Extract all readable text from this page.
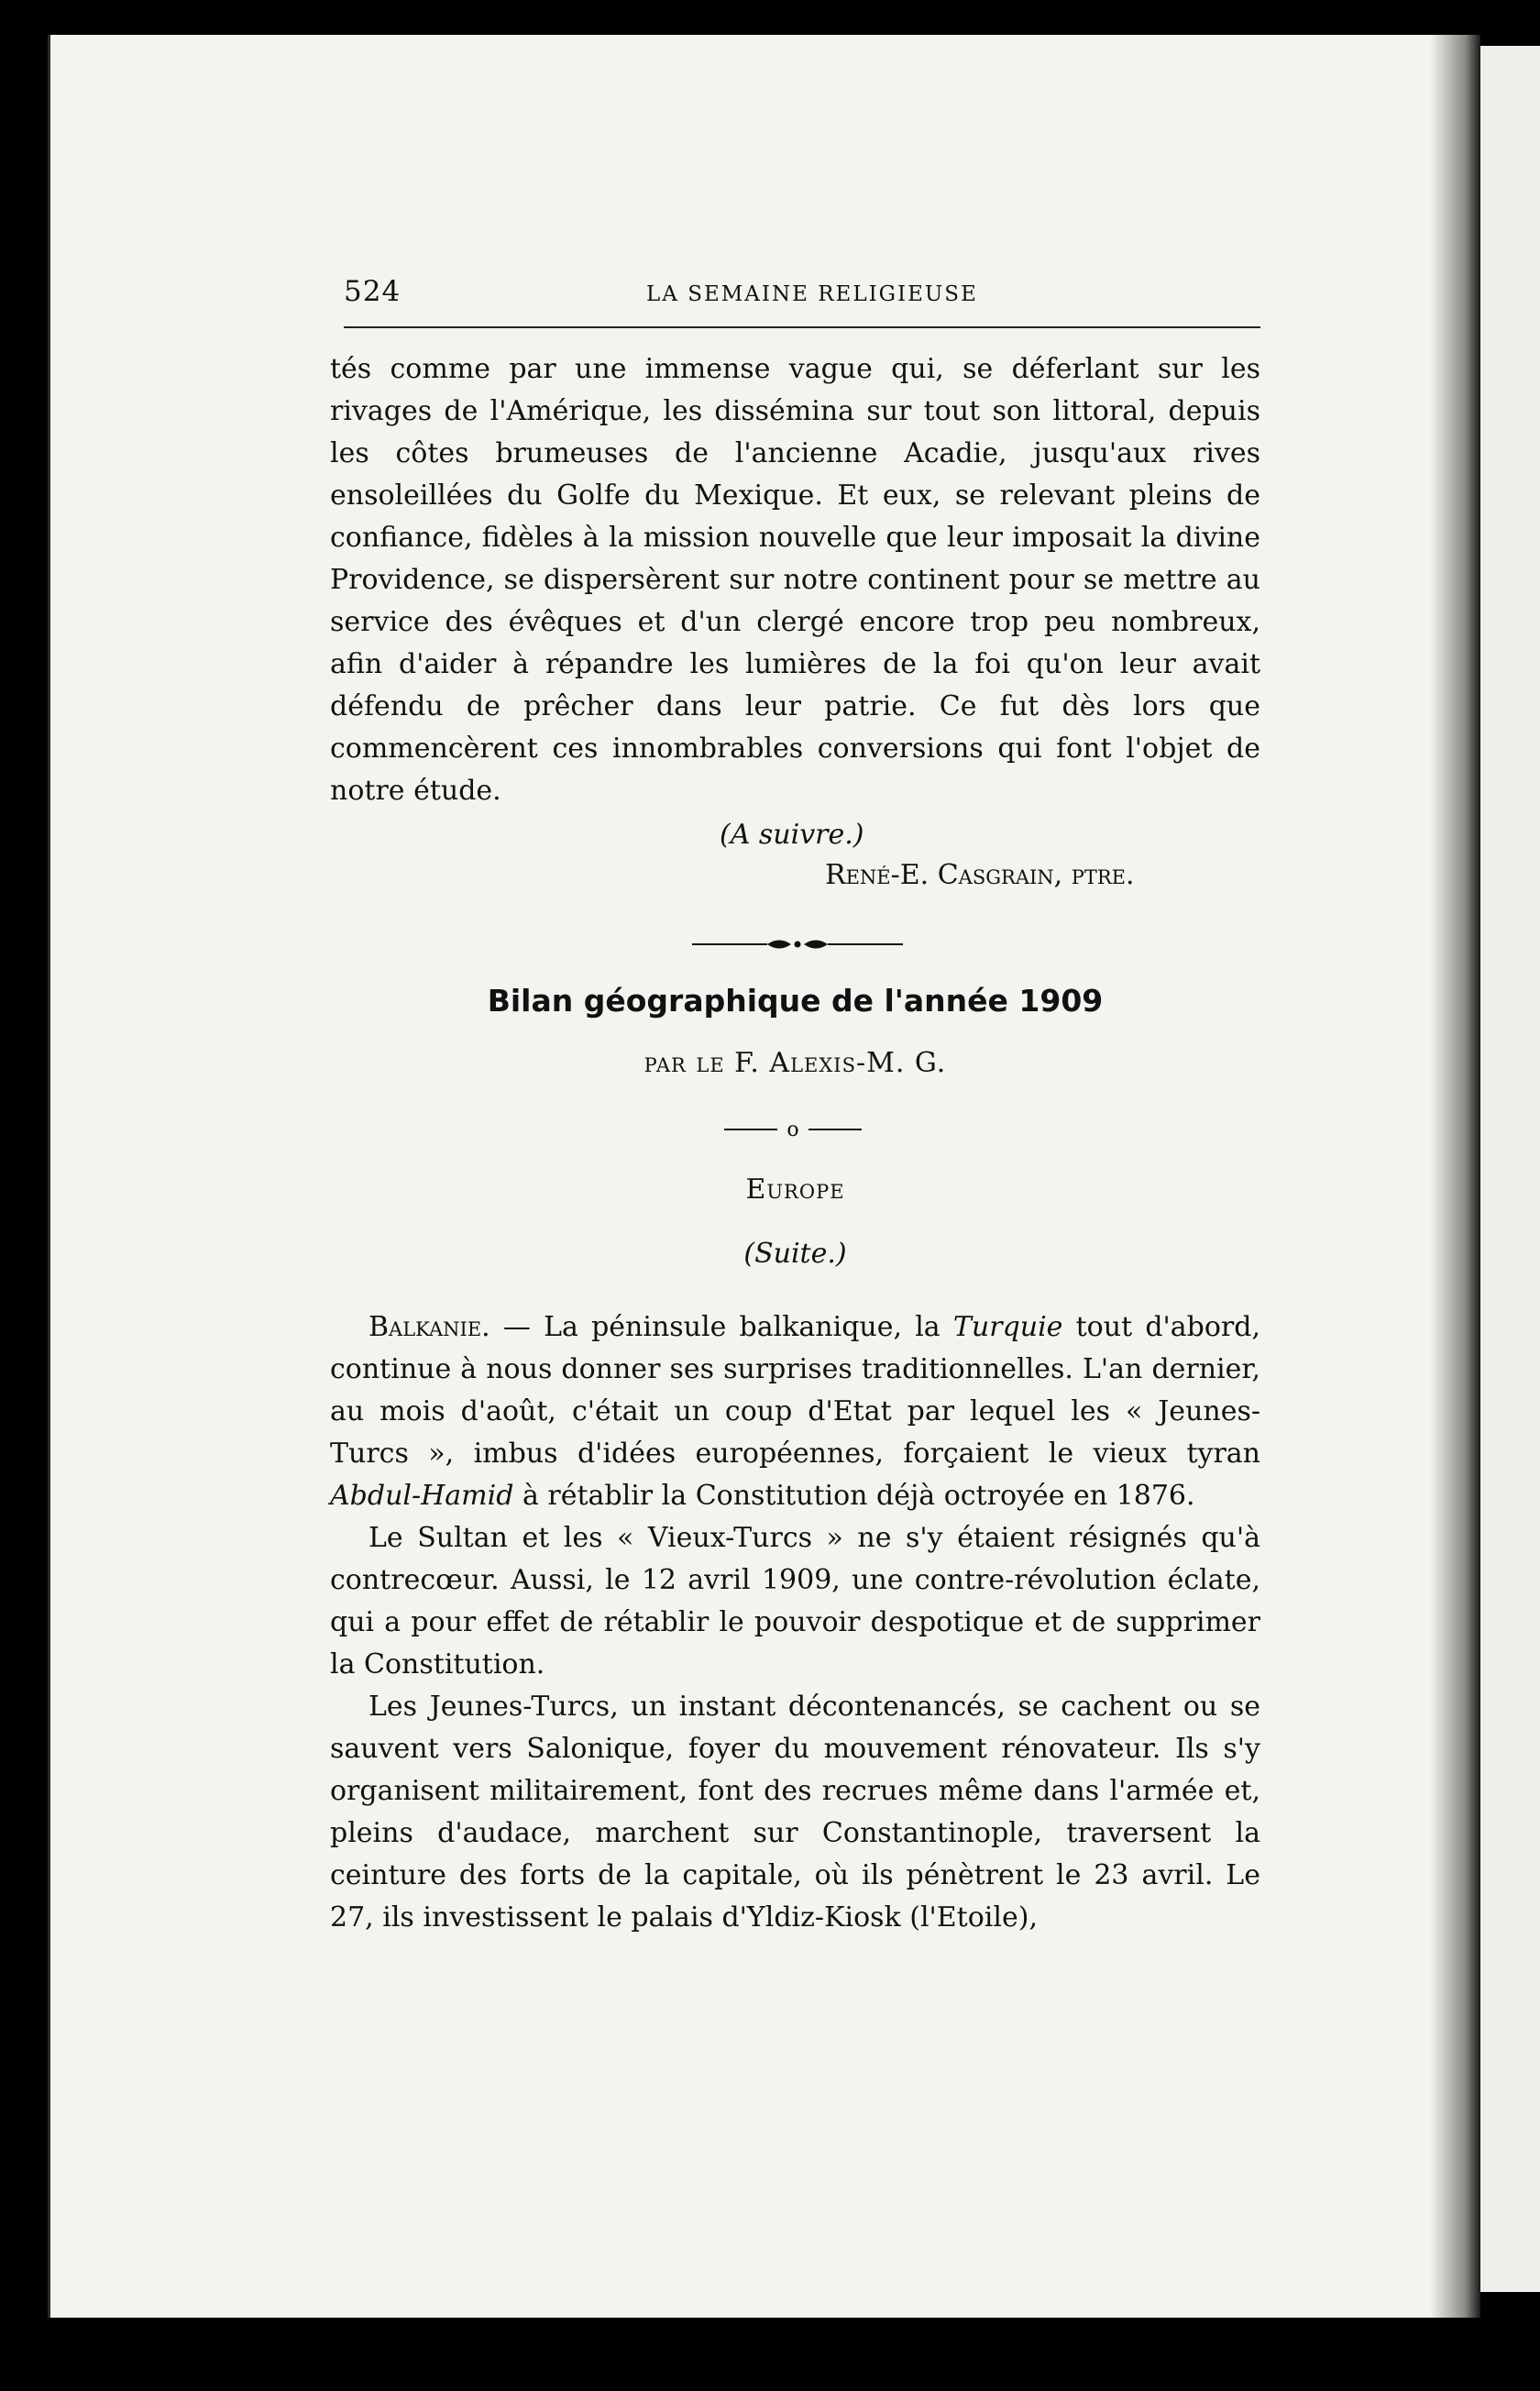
524	LA SEMAINE RELIGIEUSE

tés comme par une immense vague qui, se déferlant sur les rivages de l'Amérique, les dissémina sur tout son littoral, depuis les côtes brumeuses de l'ancienne Acadie, jusqu'aux rives ensoleillées du Golfe du Mexique. Et eux, se relevant pleins de confiance, fidèles à la mission nouvelle que leur imposait la divine Providence, se dispersèrent sur notre continent pour se mettre au service des évêques et d'un clergé encore trop peu nombreux, afin d'aider à répandre les lumières de la foi qu'on leur avait défendu de prêcher dans leur patrie. Ce fut dès lors que commencèrent ces innombrables conversions qui font l'objet de notre étude.

(A suivre.)
René-E. Casgrain, ptre.
Bilan géographique de l'année 1909
par le F. Alexis-M. G.
o
Europe
(Suite.)

Balkanie. — La péninsule balkanique, la Turquie tout d'abord, continue à nous donner ses surprises traditionnelles. L'an dernier, au mois d'août, c'était un coup d'Etat par lequel les « Jeunes-Turcs », imbus d'idées européennes, forçaient le vieux tyran Abdul-Hamid à rétablir la Constitution déjà octroyée en 1876.

Le Sultan et les « Vieux-Turcs » ne s'y étaient résignés qu'à contrecœur. Aussi, le 12 avril 1909, une contre-révolution éclate, qui a pour effet de rétablir le pouvoir despotique et de supprimer la Constitution.

Les Jeunes-Turcs, un instant décontenancés, se cachent ou se sauvent vers Salonique, foyer du mouvement rénovateur. Ils s'y organisent militairement, font des recrues même dans l'armée et, pleins d'audace, marchent sur Constantinople, traversent la ceinture des forts de la capitale, où ils pénètrent le 23 avril. Le 27, ils investissent le palais d'Yldiz-Kiosk (l'Etoile),
